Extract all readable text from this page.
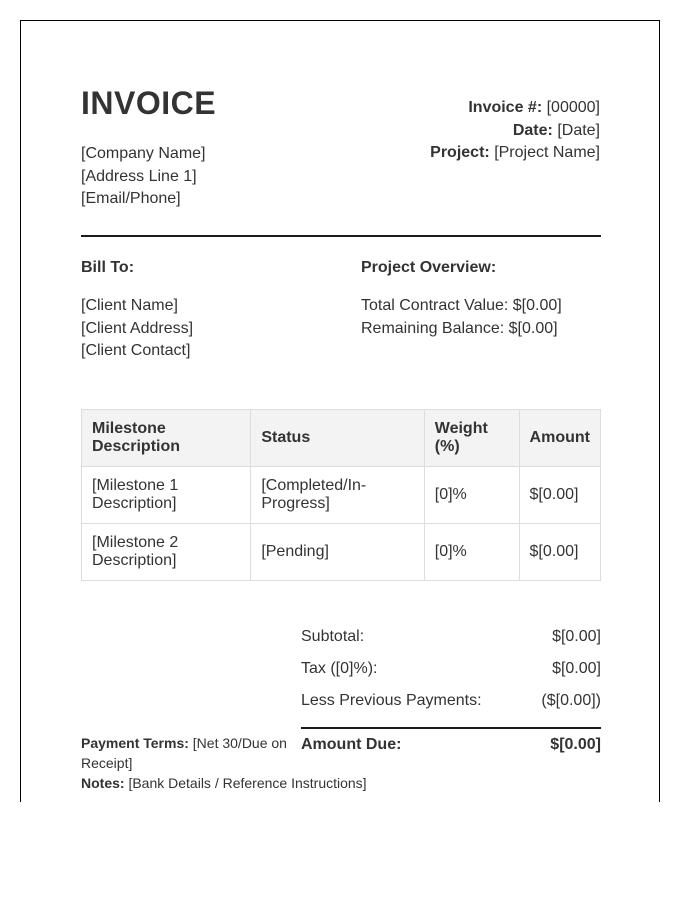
INVOICE
[Company Name]
[Address Line 1]
[Email/Phone]
Invoice #: [00000]
Date: [Date]
Project: [Project Name]
Bill To:	Project Overview:
[Client Name]
[Client Address]
[Client Contact]
Total Contract Value: $[0.00]
Remaining Balance: $[0.00]
Milestone Description	Status	Weight (%)	Amount
[Milestone 1 Description]	[Completed/In-Progress]	[0]%	$[0.00]
[Milestone 2 Description]	[Pending]	[0]%	$[0.00]
Subtotal:	$[0.00]
Tax ([0]%):	$[0.00]
Less Previous Payments:	($[0.00])
Amount Due:	$[0.00]
Payment Terms: [Net 30/Due on Receipt]
Notes: [Bank Details / Reference Instructions]
